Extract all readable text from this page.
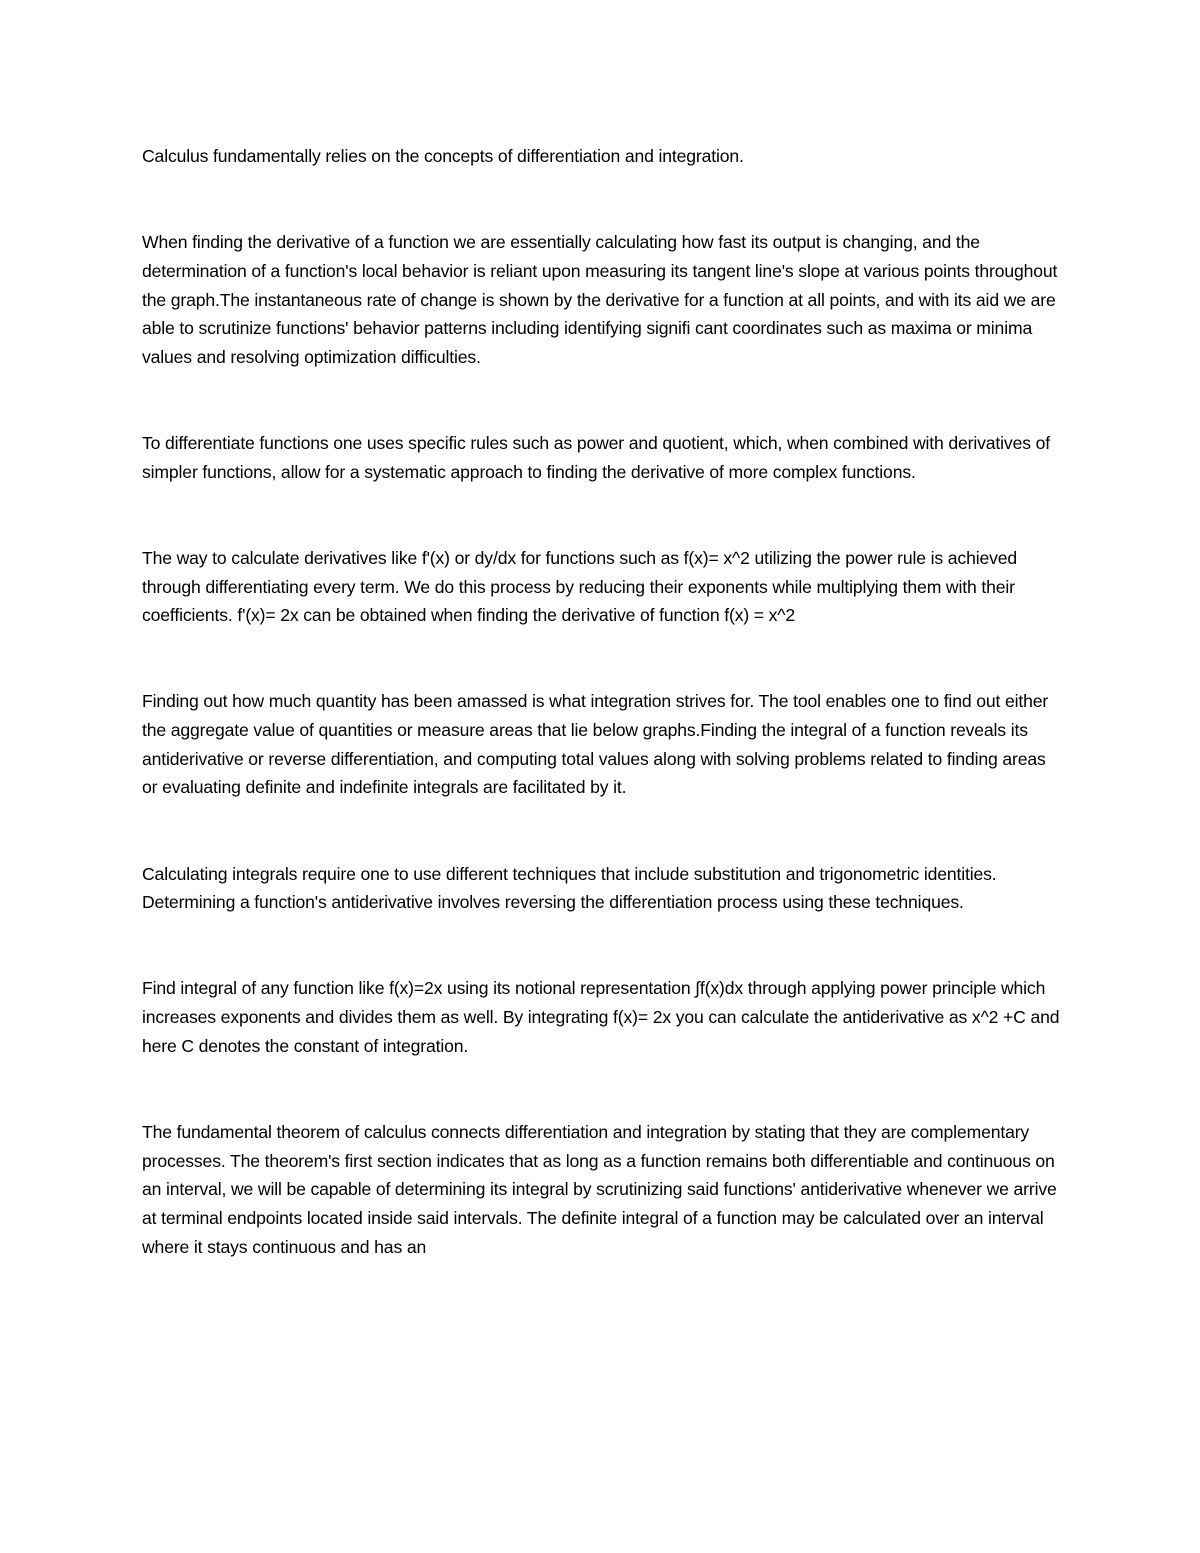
Calculus fundamentally relies on the concepts of differentiation and integration.

When finding the derivative of a function we are essentially calculating how fast its output is changing, and the determination of a function's local behavior is reliant upon measuring its tangent line's slope at various points throughout the graph.The instantaneous rate of change is shown by the derivative for a function at all points, and with its aid we are able to scrutinize functions' behavior patterns including identifying signifi cant coordinates such as maxima or minima values and resolving optimization difficulties.

To differentiate functions one uses specific rules such as power and quotient, which, when combined with derivatives of simpler functions, allow for a systematic approach to finding the derivative of more complex functions.

The way to calculate derivatives like f'(x) or dy/dx for functions such as f(x)= x^2 utilizing the power rule is achieved through differentiating every term. We do this process by reducing their exponents while multiplying them with their coefficients. f'(x)= 2x can be obtained when finding the derivative of function f(x) = x^2

Finding out how much quantity has been amassed is what integration strives for. The tool enables one to find out either the aggregate value of quantities or measure areas that lie below graphs.Finding the integral of a function reveals its antiderivative or reverse differentiation, and computing total values along with solving problems related to finding areas or evaluating definite and indefinite integrals are facilitated by it.

Calculating integrals require one to use different techniques that include substitution and trigonometric identities. Determining a function's antiderivative involves reversing the differentiation process using these techniques.

Find integral of any function like f(x)=2x using its notional representation ∫f(x)dx through applying power principle which increases exponents and divides them as well. By integrating f(x)= 2x you can calculate the antiderivative as x^2 +C and here C denotes the constant of integration.

The fundamental theorem of calculus connects differentiation and integration by stating that they are complementary processes. The theorem's first section indicates that as long as a function remains both differentiable and continuous on an interval, we will be capable of determining its integral by scrutinizing said functions' antiderivative whenever we arrive at terminal endpoints located inside said intervals. The definite integral of a function may be calculated over an interval where it stays continuous and has an
